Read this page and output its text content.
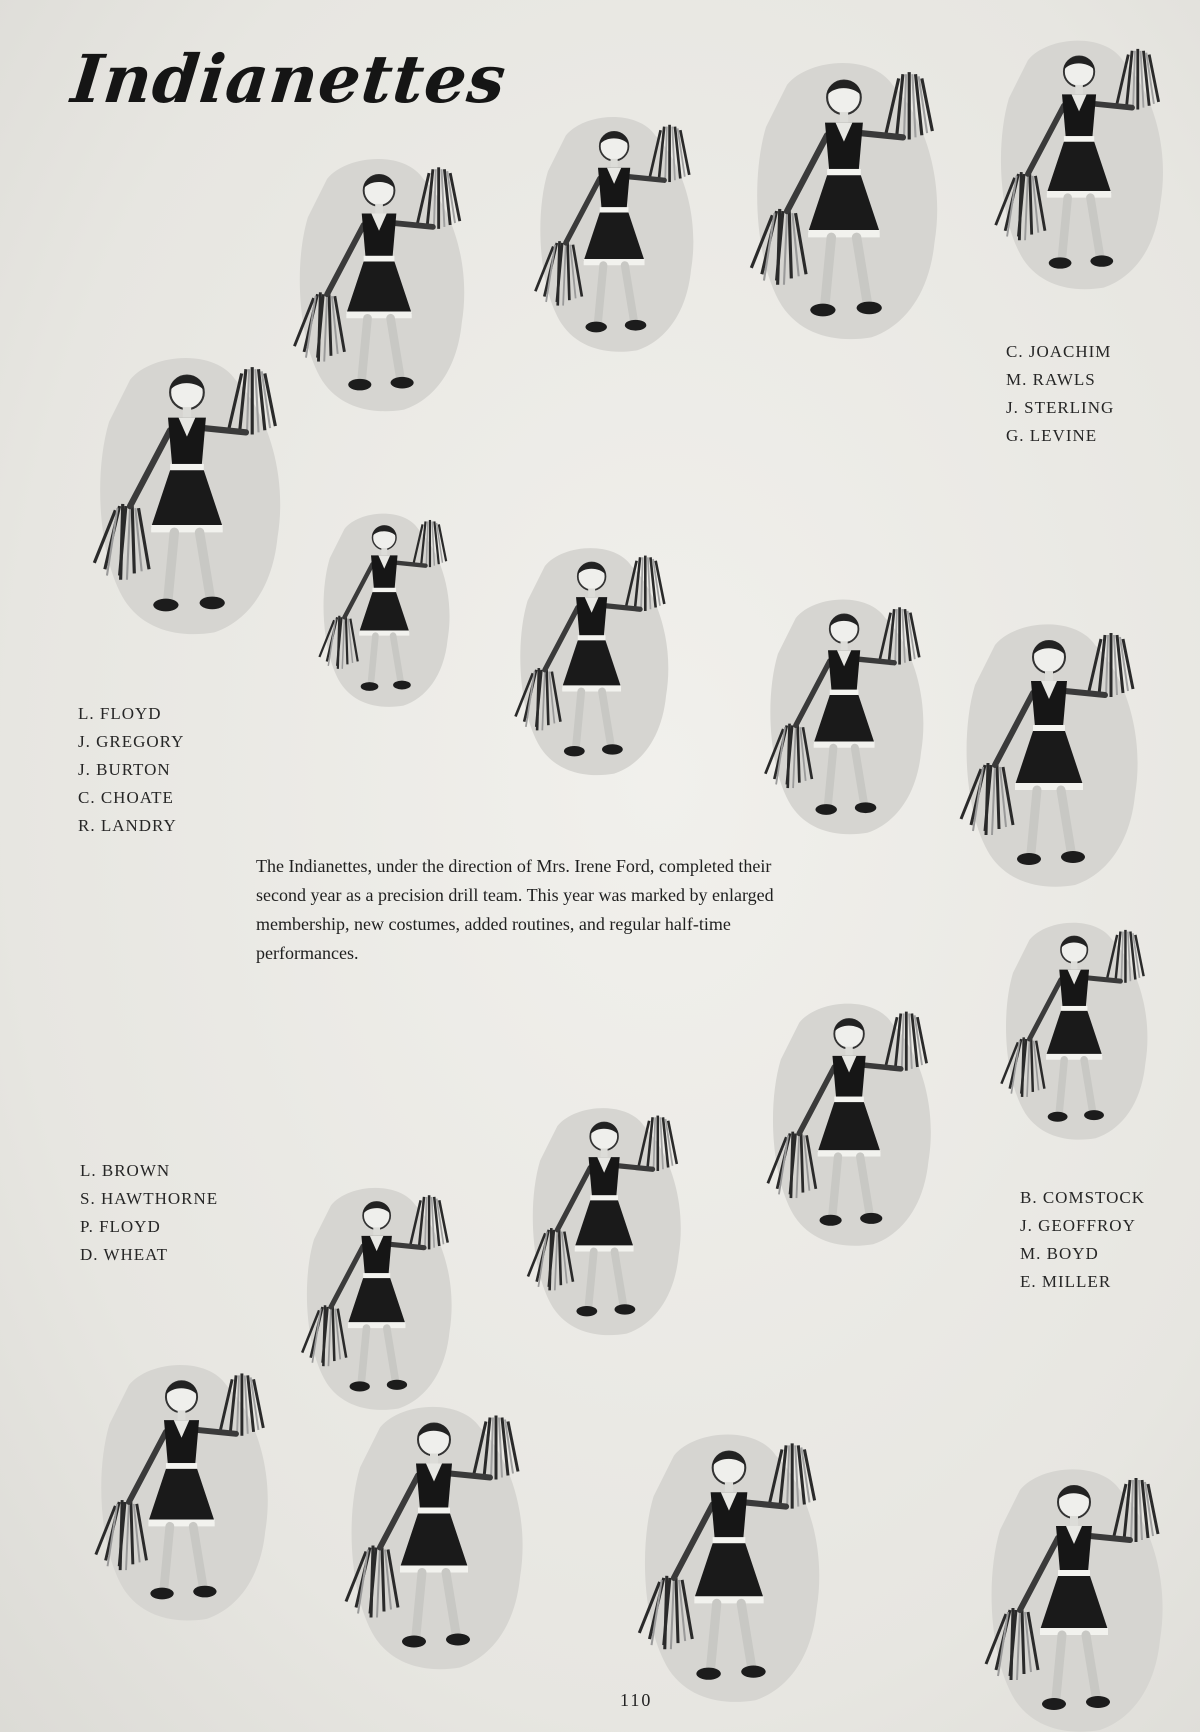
Indianettes
C. JOACHIM
M. RAWLS
J. STERLING
G. LEVINE
L. FLOYD
J. GREGORY
J. BURTON
C. CHOATE
R. LANDRY
L. BROWN
S. HAWTHORNE
P. FLOYD
D. WHEAT
B. COMSTOCK
J. GEOFFROY
M. BOYD
E. MILLER

The Indianettes, under the direction of Mrs. Irene Ford, completed their second year as a precision drill team. This year was marked by enlarged membership, new costumes, added routines, and regular half-time performances.

110
